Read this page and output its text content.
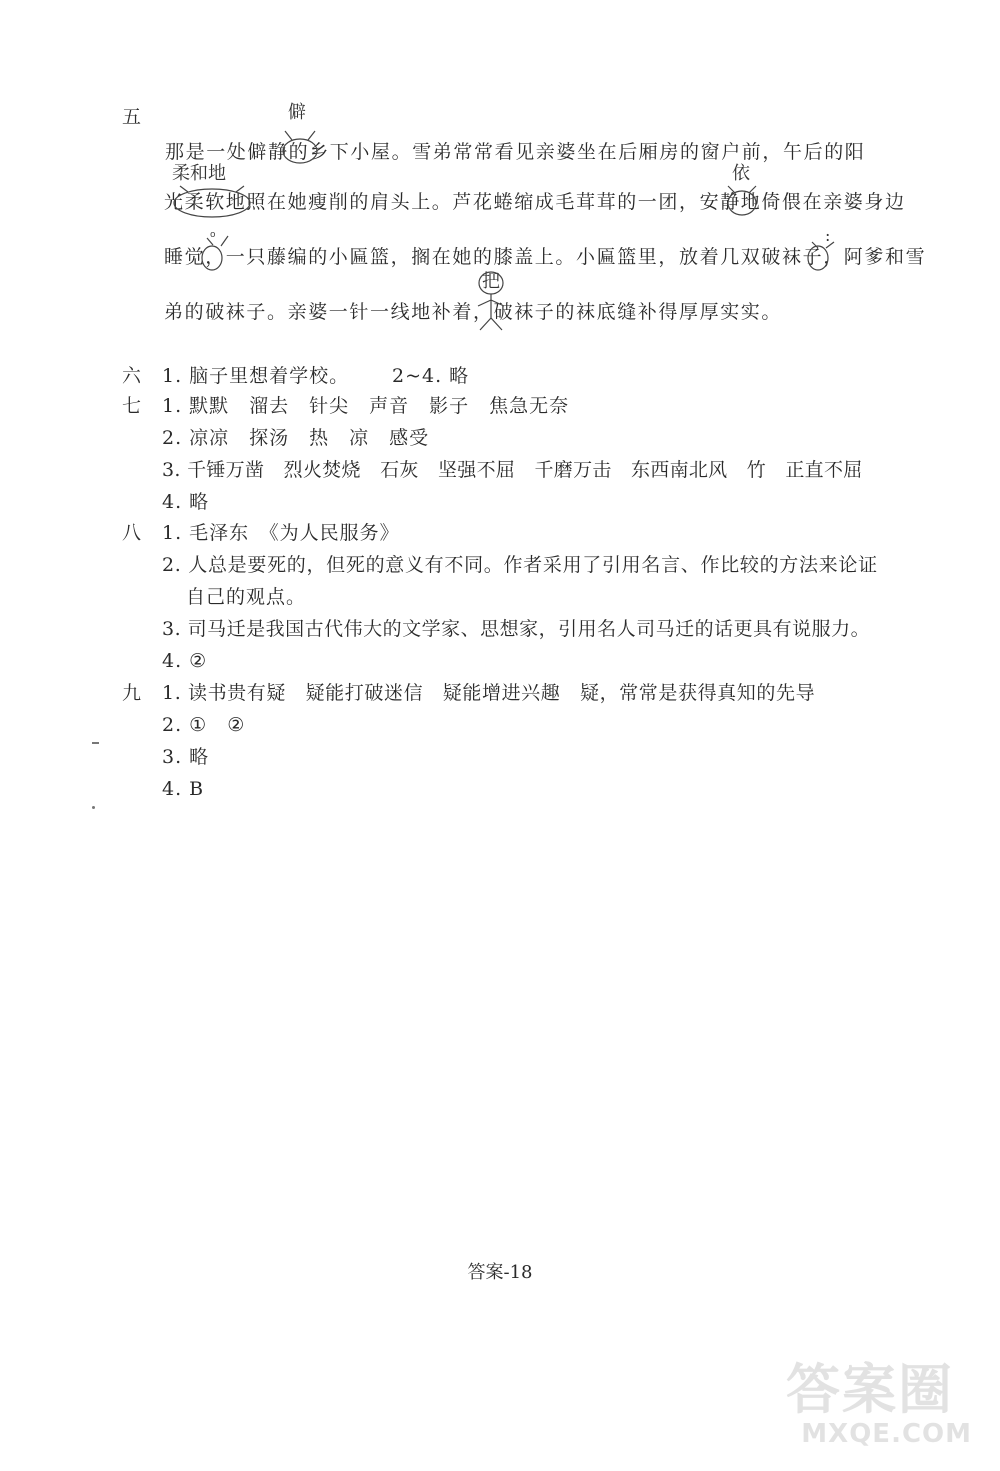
五
那是一处僻静的乡下小屋。雪弟常常看见亲婆坐在后厢房的窗户前，午后的阳
光柔软地照在她瘦削的肩头上。芦花蜷缩成毛茸茸的一团，安静地倚偎在亲婆身边
睡觉，一只藤编的小匾篮，搁在她的膝盖上。小匾篮里，放着几双破袜子，阿爹和雪
弟的破袜子。亲婆一针一线地补着，破袜子的袜底缝补得厚厚实实。
僻
柔和地	依
:
把
o
六 1. 脑子里想着学校。 2~4. 略
七 1. 默默　溜去　针尖　声音　影子　焦急无奈
2. 凉凉　探汤　热　凉　感受
3. 千锤万凿　烈火焚烧　石灰　坚强不屈　千磨万击　东西南北风　竹　正直不屈
4. 略
八 1. 毛泽东　《为人民服务》
2. 人总是要死的，但死的意义有不同。作者采用了引用名言、作比较的方法来论证
自己的观点。
3. 司马迁是我国古代伟大的文学家、思想家，引用名人司马迁的话更具有说服力。
4. ②
九 1. 读书贵有疑　疑能打破迷信　疑能增进兴趣　疑，常常是获得真知的先导
2. ①　②
3. 略
4. B
答案-18
答案圈
MXQE.COM
